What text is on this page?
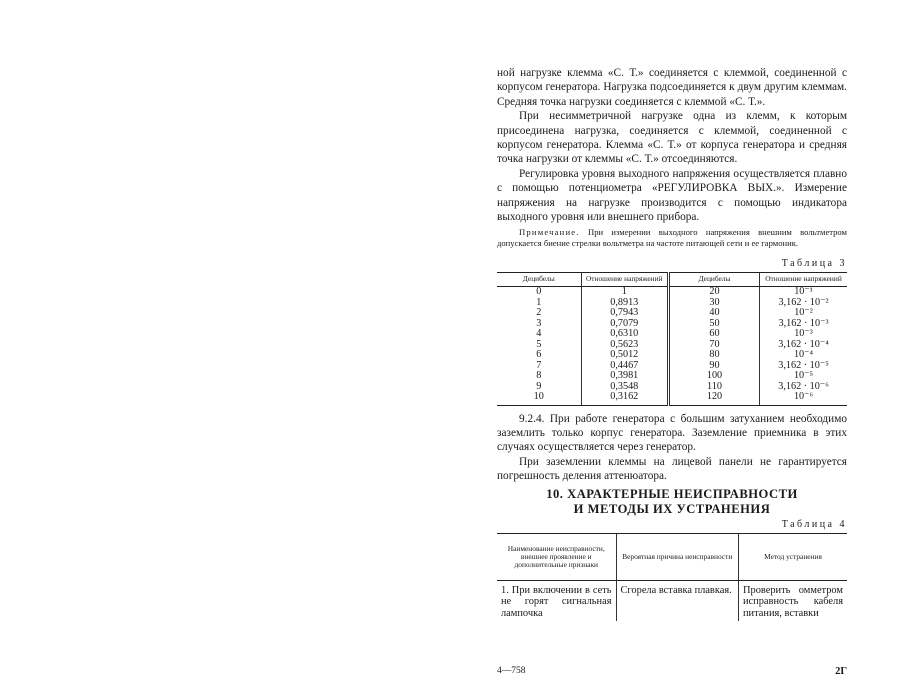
ной нагрузке клемма «С. Т.» соединяется с клеммой, соединенной с корпусом генератора. Нагрузка подсоединяется к двум другим клеммам. Средняя точка нагрузки соединяется с клеммой «С. Т.».

При несимметричной нагрузке одна из клемм, к которым присоединена нагрузка, соединяется с клеммой, соединенной с корпусом генератора. Клемма «С. Т.» от корпуса генератора и средняя точка нагрузки от клеммы «С. Т.» отсоединяются.

Регулировка уровня выходного напряжения осуществляется плавно с помощью потенциометра «РЕГУЛИРОВКА ВЫХ.». Измерение напряжения на нагрузке производится с помощью индикатора выходного уровня или внешнего прибора.

Примечание. При измерении выходного напряжения внешним вольтметром допускается биение стрелки вольтметра на частоте питающей сети и ее гармоник.

Таблица 3
Децибелы	Отношение напряжений	Децибелы	Отношение напряжений
0	1	20	10⁻¹
1	0,8913	30	3,162 · 10⁻²
2	0,7943	40	10⁻²
3	0,7079	50	3,162 · 10⁻³
4	0,6310	60	10⁻³
5	0,5623	70	3,162 · 10⁻⁴
6	0,5012	80	10⁻⁴
7	0,4467	90	3,162 · 10⁻⁵
8	0,3981	100	10⁻⁵
9	0,3548	110	3,162 · 10⁻⁶
10	0,3162	120	10⁻⁶

9.2.4. При работе генератора с большим затуханием необходимо заземлить только корпус генератора. Заземление приемника в этих случаях осуществляется через генератор.

При заземлении клеммы на лицевой панели не гарантируется погрешность деления аттенюатора.

10. ХАРАКТЕРНЫЕ НЕИСПРАВНОСТИ
И МЕТОДЫ ИХ УСТРАНЕНИЯ
Таблица 4
Наименование неисправности, внешнее проявление и дополнительные признаки	Вероятная причина неисправности	Метод устранения
1. При включении в сеть не горят сигнальная лампочка	Сгорела вставка плавкая.	Проверить омметром исправность кабеля питания, вставки
4—758	2Г
